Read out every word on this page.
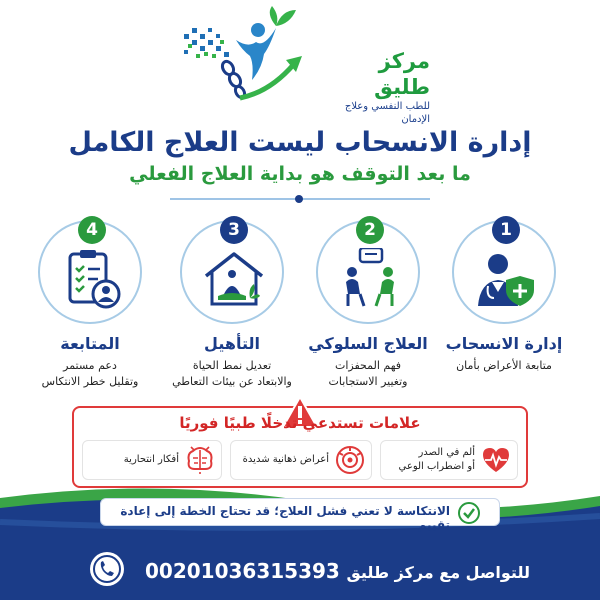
مركز طليق
للطب النفسي وعلاج الإدمان
إدارة الانسحاب ليست العلاج الكامل
ما بعد التوقف هو بداية العلاج الفعلي
4
المتابعة
دعم مستمر
وتقليل خطر الانتكاس
3
التأهيل
تعديل نمط الحياة
والابتعاد عن بيئات التعاطي
2
العلاج السلوكي
فهم المحفزات
وتغيير الاستجابات
1
إدارة الانسحاب
متابعة الأعراض بأمان
علامات تستدعي تدخلًا طبيًا فوريًا
ألم في الصدر
أو اضطراب الوعي
أعراض ذهانية شديدة
أفكار انتحارية
الانتكاسة لا تعني فشل العلاج؛ قد تحتاج الخطة إلى إعادة تقييم
00201036315393 للتواصل مع مركز طليق
